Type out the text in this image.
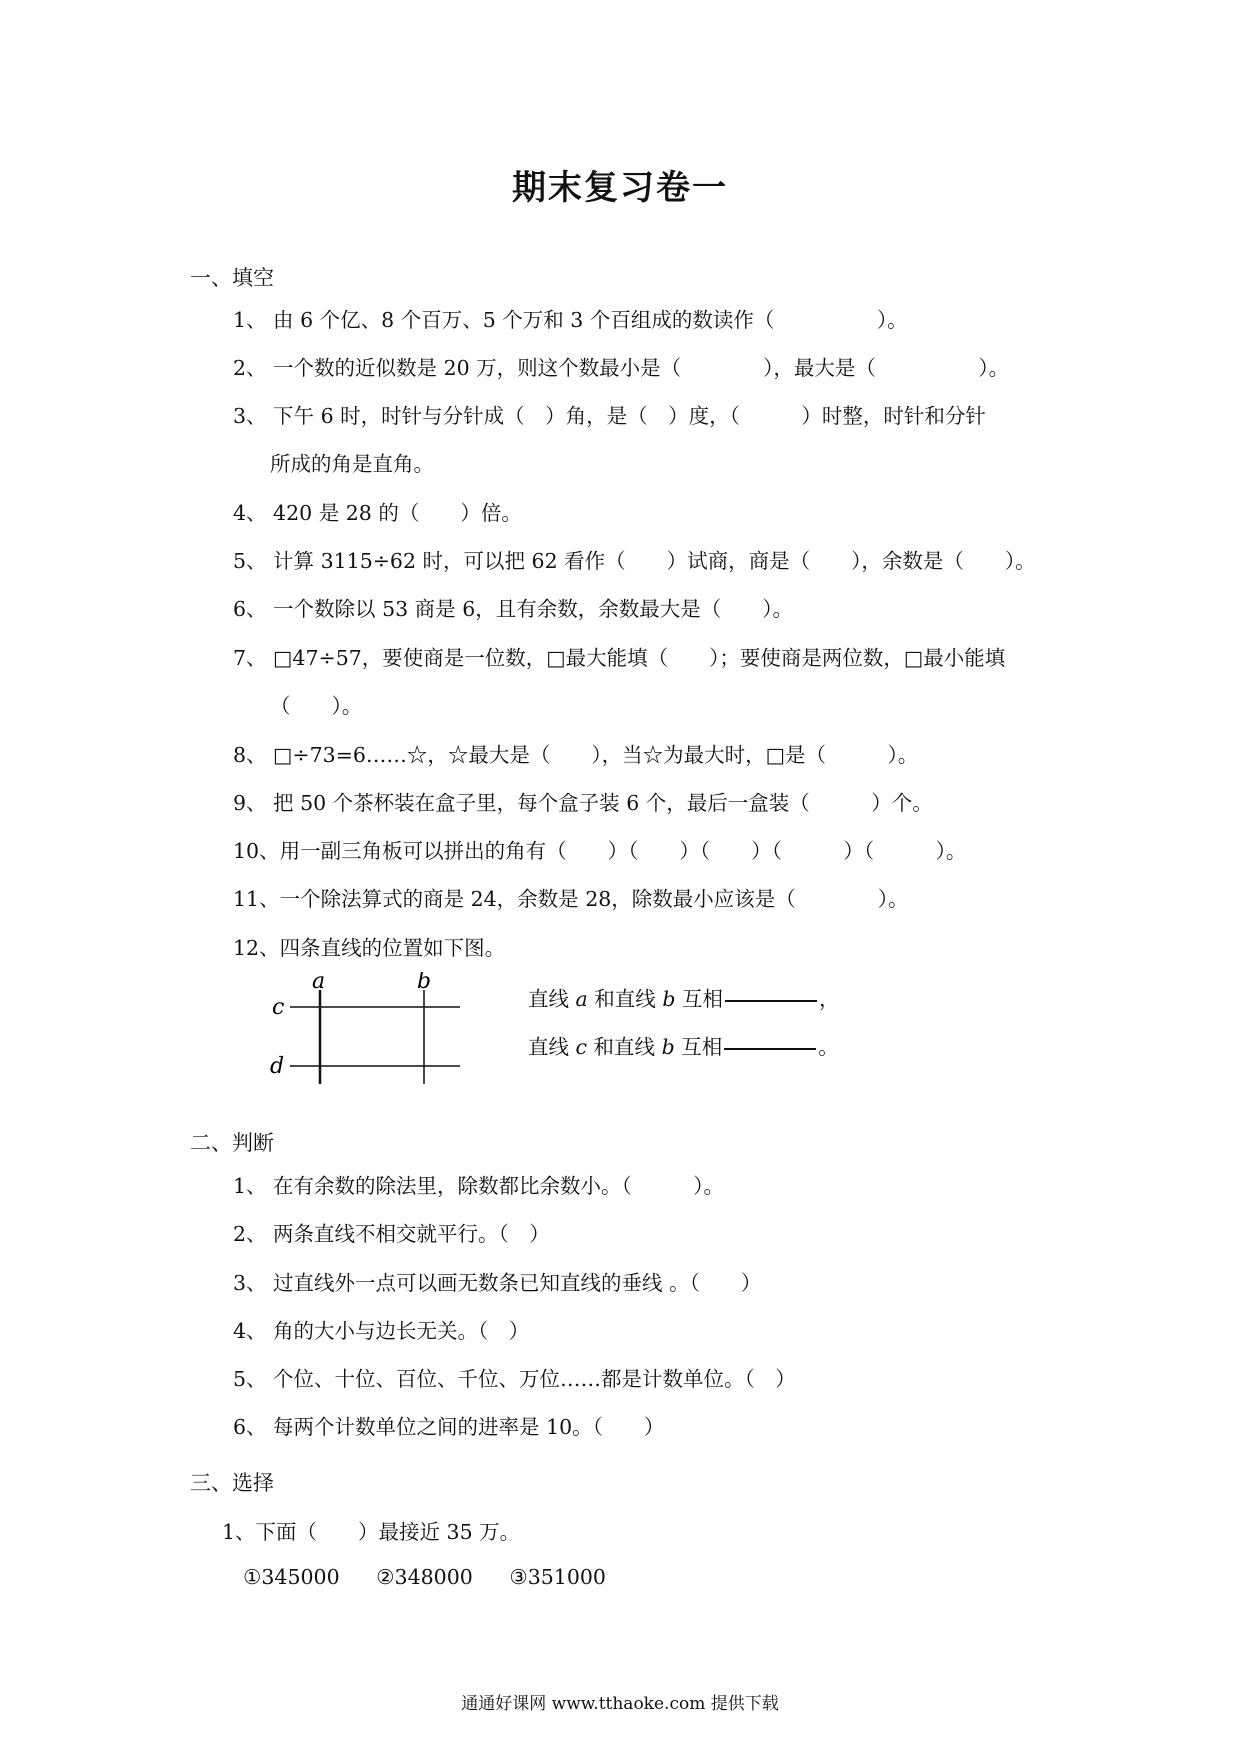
期末复习卷一
一、填空
1、 由 6 个亿、8 个百万、5 个万和 3 个百组成的数读作（　　　　　）。
2、 一个数的近似数是 20 万，则这个数最小是（　　　　），最大是（　　　　　）。
3、 下午 6 时，时针与分针成（　）角，是（　）度，（　　　）时整，时针和分针
所成的角是直角。
4、 420 是 28 的（　　）倍。
5、 计算 3115÷62 时，可以把 62 看作（　　）试商，商是（　　），余数是（　　）。
6、 一个数除以 53 商是 6，且有余数，余数最大是（　　）。
7、 □47÷57，要使商是一位数，□最大能填（　　）；要使商是两位数，□最小能填
（　　）。
8、 □÷73=6……☆，☆最大是（　　），当☆为最大时，□是（　　　）。
9、 把 50 个茶杯装在盒子里，每个盒子装 6 个，最后一盒装（　　　）个。
10、用一副三角板可以拼出的角有（　　）（　　）（　　）（　　　）（　　　）。
11、一个除法算式的商是 24，余数是 28，除数最小应该是（　　　　）。
12、四条直线的位置如下图。
a	b
c
d
直线 a 和直线 b 互相	，
直线 c 和直线 b 互相	。
二、判断
1、 在有余数的除法里，除数都比余数小。（　　　）。
2、 两条直线不相交就平行。（　）
3、 过直线外一点可以画无数条已知直线的垂线 。（　　）
4、 角的大小与边长无关。（　）
5、 个位、十位、百位、千位、万位……都是计数单位。（　）
6、 每两个计数单位之间的进率是 10。（　　）
三、选择
1、下面（　　）最接近 35 万。
①345000 ②348000 ③351000
通通好课网 www.tthaoke.com 提供下载
